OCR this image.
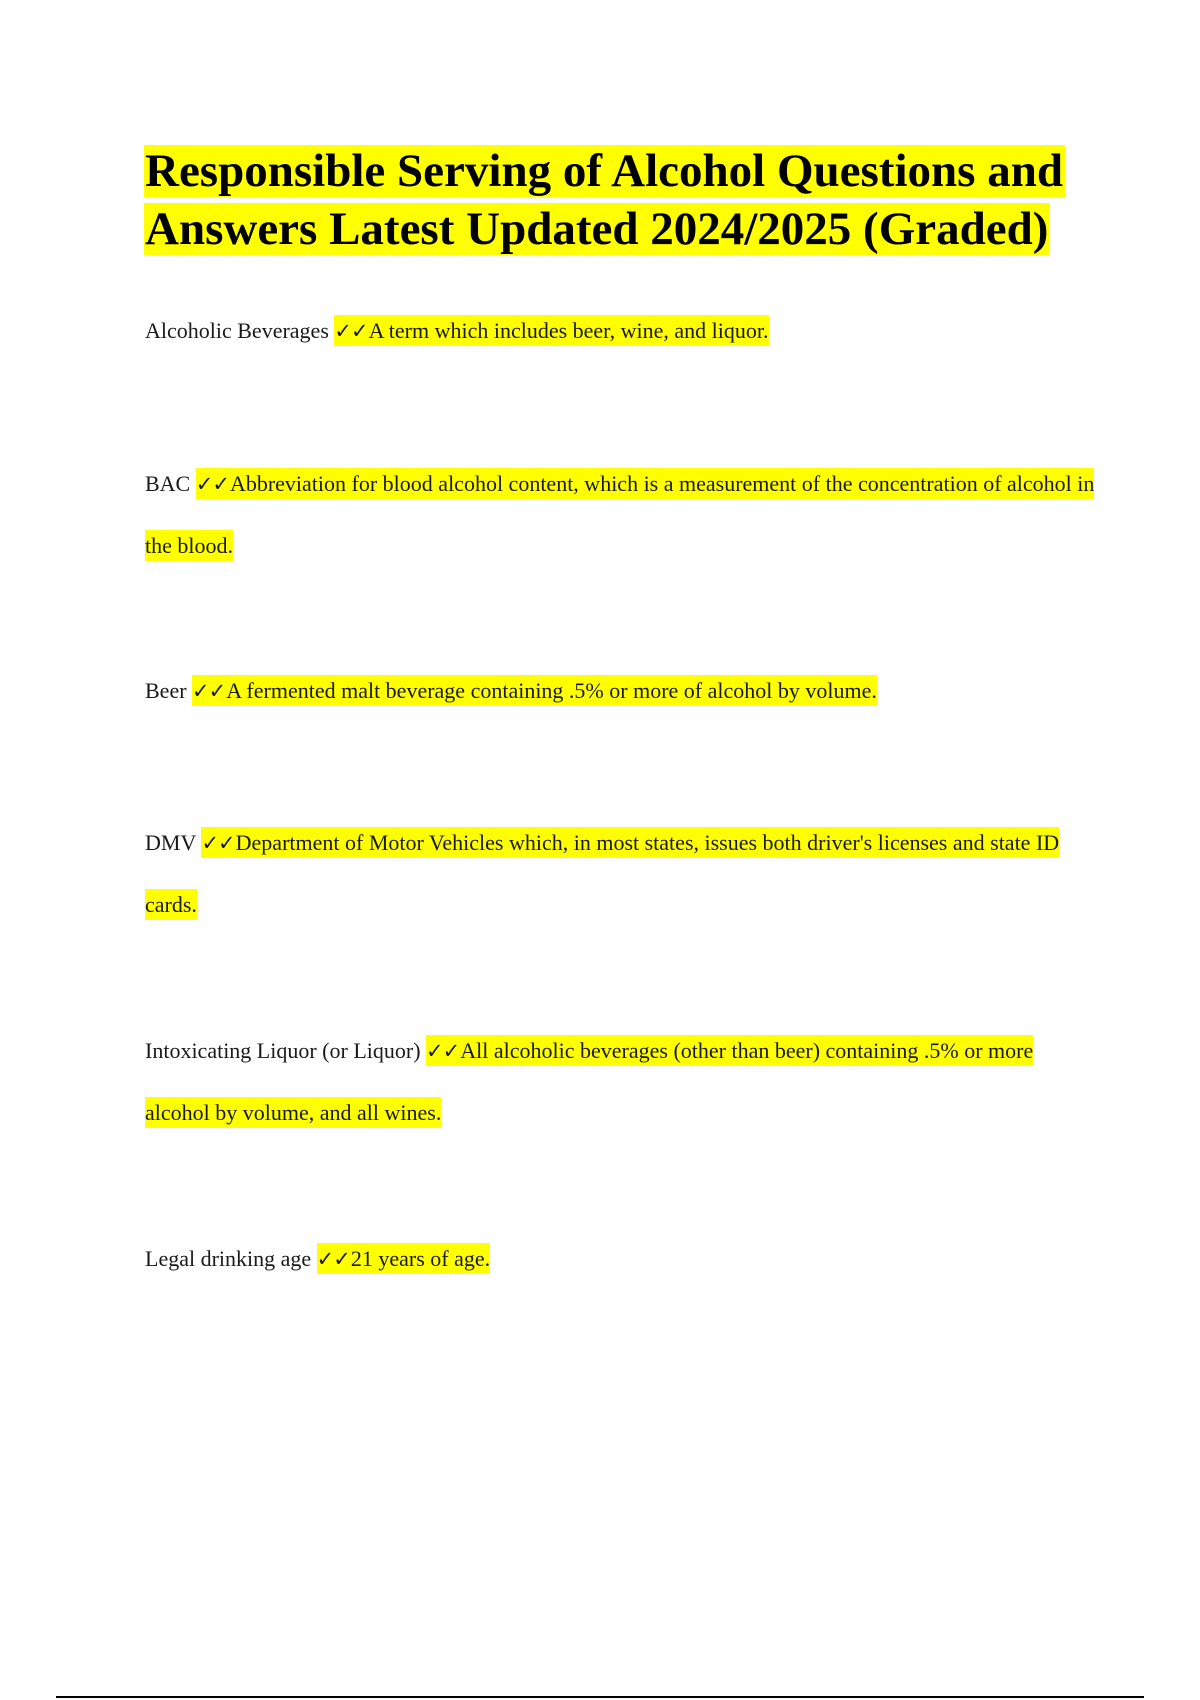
Responsible Serving of Alcohol Questions and Answers Latest Updated 2024/2025 (Graded)

Alcoholic Beverages ✓✓A term which includes beer, wine, and liquor.

BAC ✓✓Abbreviation for blood alcohol content, which is a measurement of the concentration of alcohol in the blood.

Beer ✓✓A fermented malt beverage containing .5% or more of alcohol by volume.

DMV ✓✓Department of Motor Vehicles which, in most states, issues both driver's licenses and state ID cards.

Intoxicating Liquor (or Liquor) ✓✓All alcoholic beverages (other than beer) containing .5% or more alcohol by volume, and all wines.

Legal drinking age ✓✓21 years of age.
